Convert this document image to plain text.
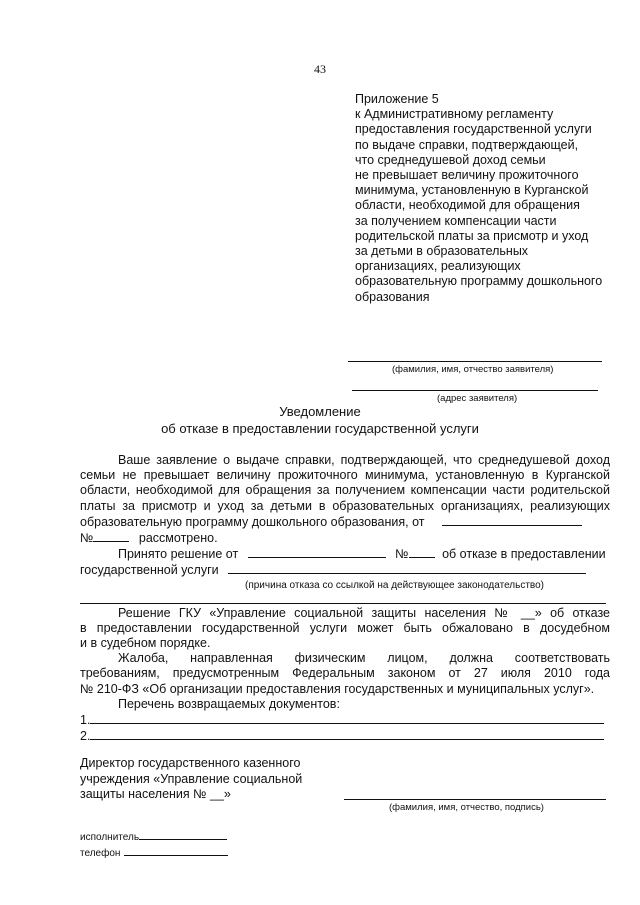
43
Приложение 5
к Административному регламенту
предоставления государственной услуги
по выдаче справки, подтверждающей,
что среднедушевой доход семьи
не превышает величину прожиточного
минимума, установленную в Курганской
области, необходимой для обращения
за получением компенсации части
родительской платы за присмотр и уход
за детьми в образовательных
организациях, реализующих
образовательную программу дошкольного
образования
(фамилия, имя, отчество заявителя)
(адрес заявителя)
Уведомление
об отказе в предоставлении государственной услуги
Ваше заявление о выдаче справки, подтверждающей, что среднедушевой доход
семьи не превышает величину прожиточного минимума, установленную в Курганской
области, необходимой для обращения за получением компенсации части родительской
платы за присмотр и уход за детьми в образовательных организациях, реализующих
образовательную программу дошкольного образования, от
№	рассмотрено.
Принято решение от	№	об отказе в предоставлении
государственной услуги
(причина отказа со ссылкой на действующее законодательство)
Решение ГКУ «Управление социальной защиты населения № __» об отказе
в предоставлении государственной услуги может быть обжаловано в досудебном
и в судебном порядке.
Жалоба, направленная физическим лицом, должна соответствовать
требованиям, предусмотренным Федеральным законом от 27 июля 2010 года
№ 210-ФЗ «Об организации предоставления государственных и муниципальных услуг».
Перечень возвращаемых документов:
1.
2.
Директор государственного казенного
учреждения «Управление социальной
защиты населения № __»
(фамилия, имя, отчество, подпись)
исполнитель
телефон
